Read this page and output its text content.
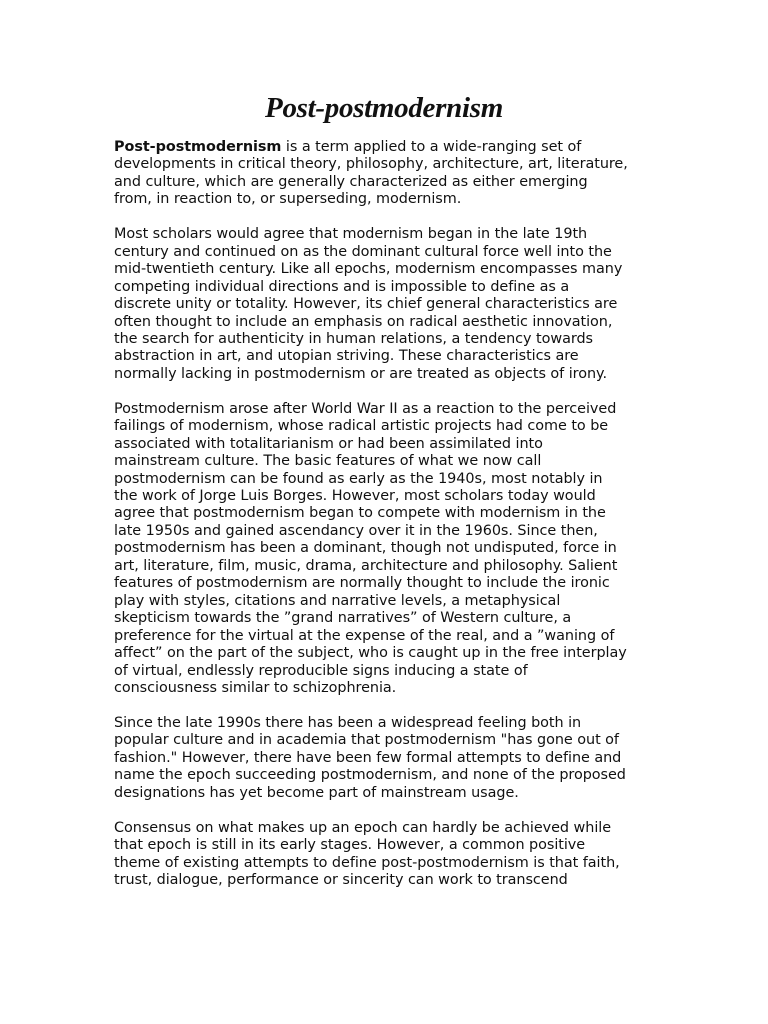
Post-postmodernism

Post-postmodernism is a term applied to a wide-ranging set of
developments in critical theory, philosophy, architecture, art, literature,
and culture, which are generally characterized as either emerging
from, in reaction to, or superseding, modernism.

Most scholars would agree that modernism began in the late 19th
century and continued on as the dominant cultural force well into the
mid-twentieth century. Like all epochs, modernism encompasses many
competing individual directions and is impossible to define as a
discrete unity or totality. However, its chief general characteristics are
often thought to include an emphasis on radical aesthetic innovation,
the search for authenticity in human relations, a tendency towards
abstraction in art, and utopian striving. These characteristics are
normally lacking in postmodernism or are treated as objects of irony.

Postmodernism arose after World War II as a reaction to the perceived
failings of modernism, whose radical artistic projects had come to be
associated with totalitarianism or had been assimilated into
mainstream culture. The basic features of what we now call
postmodernism can be found as early as the 1940s, most notably in
the work of Jorge Luis Borges. However, most scholars today would
agree that postmodernism began to compete with modernism in the
late 1950s and gained ascendancy over it in the 1960s. Since then,
postmodernism has been a dominant, though not undisputed, force in
art, literature, film, music, drama, architecture and philosophy. Salient
features of postmodernism are normally thought to include the ironic
play with styles, citations and narrative levels, a metaphysical
skepticism towards the ”grand narratives” of Western culture, a
preference for the virtual at the expense of the real, and a ”waning of
affect” on the part of the subject, who is caught up in the free interplay
of virtual, endlessly reproducible signs inducing a state of
consciousness similar to schizophrenia.

Since the late 1990s there has been a widespread feeling both in
popular culture and in academia that postmodernism "has gone out of
fashion." However, there have been few formal attempts to define and
name the epoch succeeding postmodernism, and none of the proposed
designations has yet become part of mainstream usage.

Consensus on what makes up an epoch can hardly be achieved while
that epoch is still in its early stages. However, a common positive
theme of existing attempts to define post-postmodernism is that faith,
trust, dialogue, performance or sincerity can work to transcend
